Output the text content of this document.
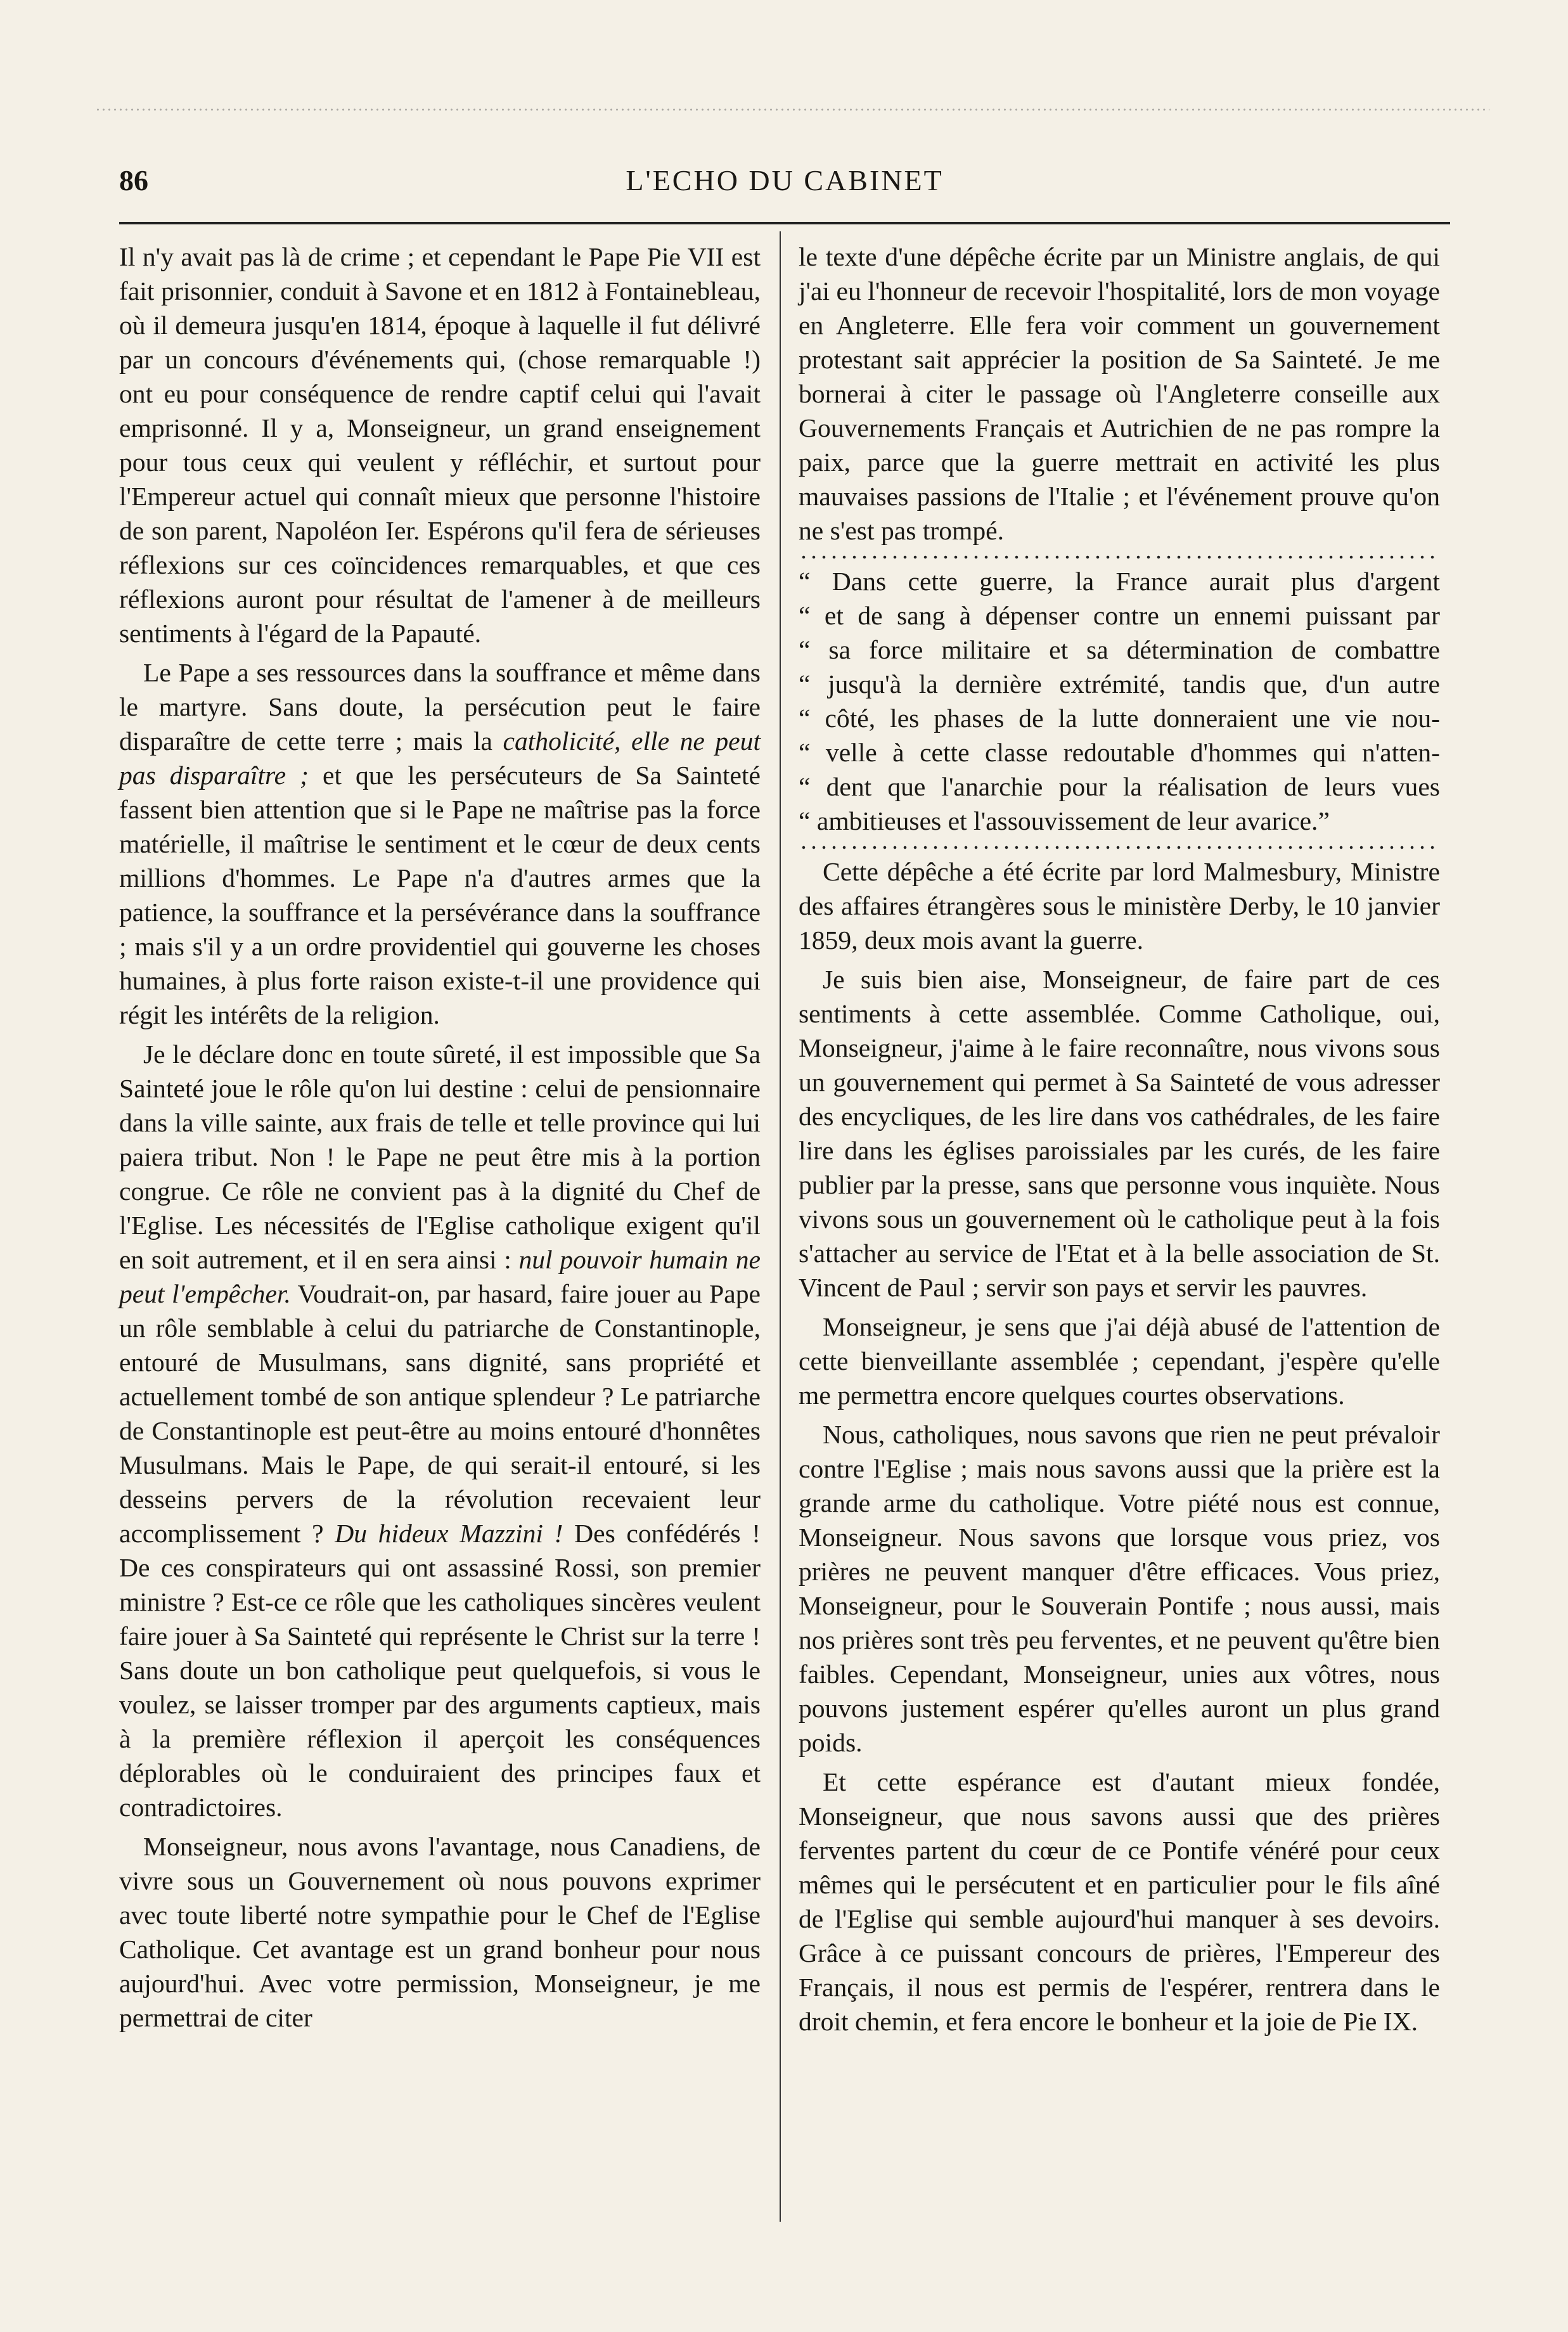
86	L'ECHO DU CABINET

Il n'y avait pas là de crime ; et cependant le Pape Pie VII est fait prisonnier, conduit à Savone et en 1812 à Fontainebleau, où il demeura jusqu'en 1814, époque à laquelle il fut délivré par un concours d'événements qui, (chose remarquable !) ont eu pour conséquence de rendre captif celui qui l'avait emprisonné. Il y a, Monseigneur, un grand enseignement pour tous ceux qui veulent y réfléchir, et surtout pour l'Empereur actuel qui connaît mieux que personne l'histoire de son parent, Napoléon Ier. Espérons qu'il fera de sérieuses réflexions sur ces coïncidences remarquables, et que ces réflexions auront pour résultat de l'amener à de meilleurs sentiments à l'égard de la Papauté.

Le Pape a ses ressources dans la souffrance et même dans le martyre. Sans doute, la persécution peut le faire disparaître de cette terre ; mais la catholicité, elle ne peut pas disparaître ; et que les persécuteurs de Sa Sainteté fassent bien attention que si le Pape ne maîtrise pas la force matérielle, il maîtrise le sentiment et le cœur de deux cents millions d'hommes. Le Pape n'a d'autres armes que la patience, la souffrance et la persévérance dans la souffrance ; mais s'il y a un ordre providentiel qui gouverne les choses humaines, à plus forte raison existe-t-il une providence qui régit les intérêts de la religion.

Je le déclare donc en toute sûreté, il est impossible que Sa Sainteté joue le rôle qu'on lui destine : celui de pensionnaire dans la ville sainte, aux frais de telle et telle province qui lui paiera tribut. Non ! le Pape ne peut être mis à la portion congrue. Ce rôle ne convient pas à la dignité du Chef de l'Eglise. Les nécessités de l'Eglise catholique exigent qu'il en soit autrement, et il en sera ainsi : nul pouvoir humain ne peut l'empêcher. Voudrait-on, par hasard, faire jouer au Pape un rôle semblable à celui du patriarche de Constantinople, entouré de Musulmans, sans dignité, sans propriété et actuellement tombé de son antique splendeur ? Le patriarche de Constantinople est peut-être au moins entouré d'honnêtes Musulmans. Mais le Pape, de qui serait-il entouré, si les desseins pervers de la révolution recevaient leur accomplissement ? Du hideux Mazzini ! Des confédérés ! De ces conspirateurs qui ont assassiné Rossi, son premier ministre ? Est-ce ce rôle que les catholiques sincères veulent faire jouer à Sa Sainteté qui représente le Christ sur la terre ! Sans doute un bon catholique peut quelquefois, si vous le voulez, se laisser tromper par des arguments captieux, mais à la première réflexion il aperçoit les conséquences déplorables où le conduiraient des principes faux et contradictoires.

Monseigneur, nous avons l'avantage, nous Canadiens, de vivre sous un Gouvernement où nous pouvons exprimer avec toute liberté notre sympathie pour le Chef de l'Eglise Catholique. Cet avantage est un grand bonheur pour nous aujourd'hui. Avec votre permission, Monseigneur, je me permettrai de citer

le texte d'une dépêche écrite par un Ministre anglais, de qui j'ai eu l'honneur de recevoir l'hospitalité, lors de mon voyage en Angleterre. Elle fera voir comment un gouvernement protestant sait apprécier la position de Sa Sainteté. Je me bornerai à citer le passage où l'Angleterre conseille aux Gouvernements Français et Autrichien de ne pas rompre la paix, parce que la guerre mettrait en activité les plus mauvaises passions de l'Italie ; et l'événement prouve qu'on ne s'est pas trompé.

“ Dans cette guerre, la France aurait plus d'argent
“ et de sang à dépenser contre un ennemi puissant par
“ sa force militaire et sa détermination de combattre
“ jusqu'à la dernière extrémité, tandis que, d'un autre
“ côté, les phases de la lutte donneraient une vie nou-
“ velle à cette classe redoutable d'hommes qui n'atten-
“ dent que l'anarchie pour la réalisation de leurs vues
“ ambitieuses et l'assouvissement de leur avarice.”

Cette dépêche a été écrite par lord Malmesbury, Ministre des affaires étrangères sous le ministère Derby, le 10 janvier 1859, deux mois avant la guerre.

Je suis bien aise, Monseigneur, de faire part de ces sentiments à cette assemblée. Comme Catholique, oui, Monseigneur, j'aime à le faire reconnaître, nous vivons sous un gouvernement qui permet à Sa Sainteté de vous adresser des encycliques, de les lire dans vos cathédrales, de les faire lire dans les églises paroissiales par les curés, de les faire publier par la presse, sans que personne vous inquiète. Nous vivons sous un gouvernement où le catholique peut à la fois s'attacher au service de l'Etat et à la belle association de St. Vincent de Paul ; servir son pays et servir les pauvres.

Monseigneur, je sens que j'ai déjà abusé de l'attention de cette bienveillante assemblée ; cependant, j'espère qu'elle me permettra encore quelques courtes observations.

Nous, catholiques, nous savons que rien ne peut prévaloir contre l'Eglise ; mais nous savons aussi que la prière est la grande arme du catholique. Votre piété nous est connue, Monseigneur. Nous savons que lorsque vous priez, vos prières ne peuvent manquer d'être efficaces. Vous priez, Monseigneur, pour le Souverain Pontife ; nous aussi, mais nos prières sont très peu ferventes, et ne peuvent qu'être bien faibles. Cependant, Monseigneur, unies aux vôtres, nous pouvons justement espérer qu'elles auront un plus grand poids.

Et cette espérance est d'autant mieux fondée, Monseigneur, que nous savons aussi que des prières ferventes partent du cœur de ce Pontife vénéré pour ceux mêmes qui le persécutent et en particulier pour le fils aîné de l'Eglise qui semble aujourd'hui manquer à ses devoirs. Grâce à ce puissant concours de prières, l'Empereur des Français, il nous est permis de l'espérer, rentrera dans le droit chemin, et fera encore le bonheur et la joie de Pie IX.
